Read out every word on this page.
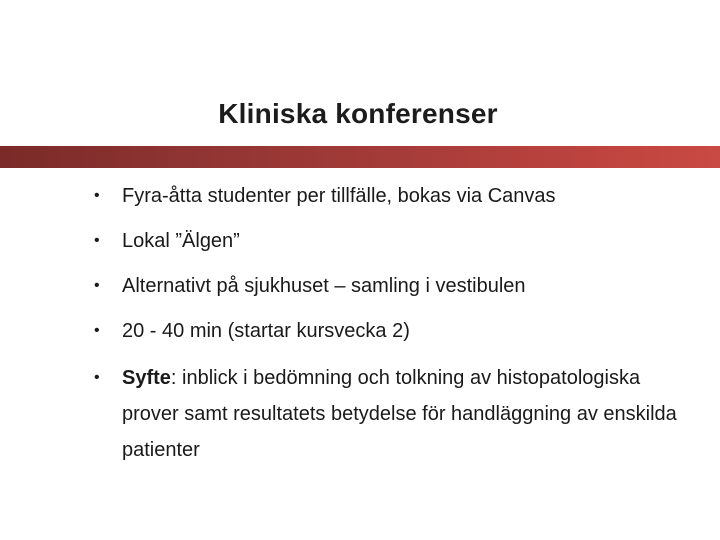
Kliniska konferenser
• Fyra-åtta studenter per tillfälle, bokas via Canvas
• Lokal ”Älgen”
• Alternativt på sjukhuset – samling i vestibulen
• 20 - 40 min (startar kursvecka 2)
• Syfte: inblick i bedömning och tolkning av histopatologiska prover samt resultatets betydelse för handläggning av enskilda patienter
